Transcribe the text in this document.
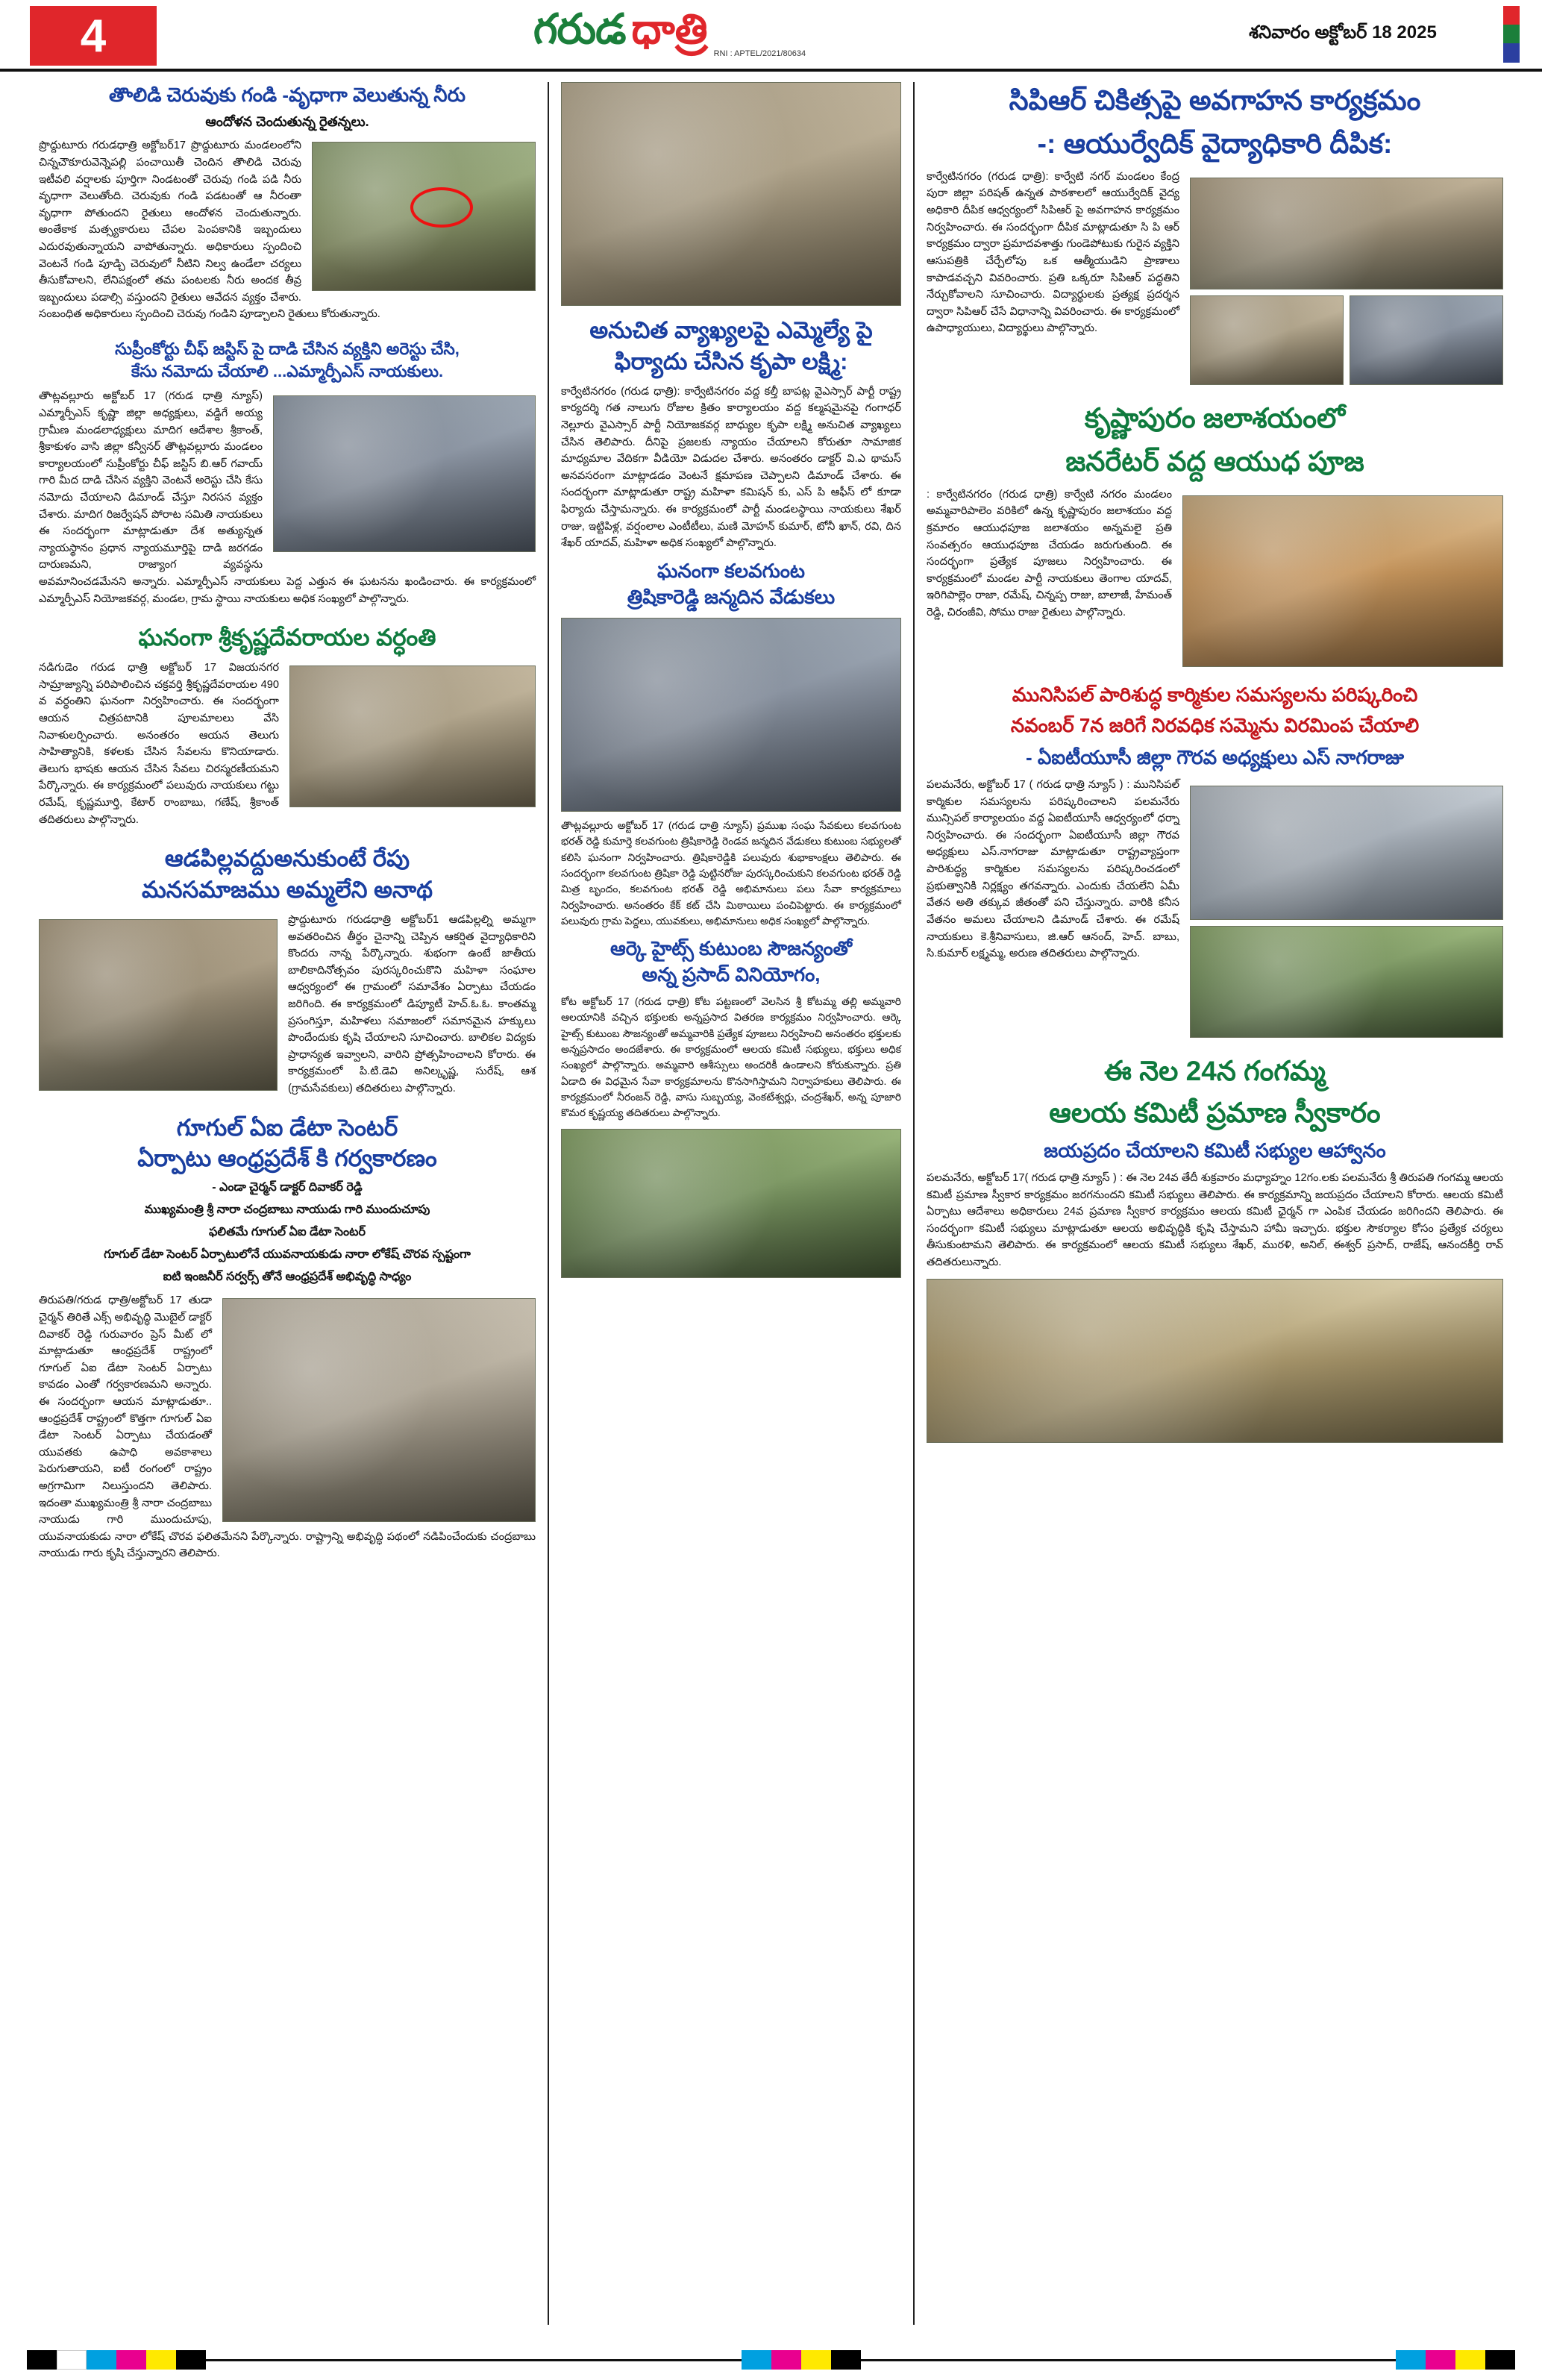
4	గరుడ ధాత్రి
RNI : APTEL/2021/80634
శనివారం అక్టోబర్ 18 2025
తొాలిడి చెరువుకు గండి -వృధాగా వెలుతున్న నీరు
ఆందోళన చెందుతున్న రైతన్నలు.
ప్రొద్దుటూరు గరుడధాత్రి అక్టోబర్17 ప్రొద్దుటూరు మండలంలోని చిన్నచౌకూరువెన్నెపల్లి పంచాయితీ చెందిన తొాలిడి చెరువు ఇటీవలి వర్షాలకు పూర్తిగా నిండటంతో చెరువు గండి పడి నీరు వృధాగా వెలుతోంది. చెరువుకు గండి పడటంతో ఆ నీరంతా వృధాగా పోతుందని రైతులు ఆందోళన చెందుతున్నారు. అంతేకాక మత్స్యకారులు చేపల పెంపకానికి ఇబ్బందులు ఎదురవుతున్నాయని వాపోతున్నారు. అధికారులు స్పందించి వెంటనే గండి పూడ్చి చెరువులో నీటిని నిల్వ ఉండేలా చర్యలు తీసుకోవాలని, లేనిపక్షంలో తమ పంటలకు నీరు అందక తీవ్ర ఇబ్బందులు పడాల్సి వస్తుందని రైతులు ఆవేదన వ్యక్తం చేశారు. సంబంధిత అధికారులు స్పందించి చెరువు గండిని పూడ్చాలని రైతులు కోరుతున్నారు.
సుప్రీంకోర్టు చీఫ్ జస్టిస్ పై దాడి చేసిన వ్యక్తిని అరెస్టు చేసి,
కేసు నమోదు చేయాలి ...ఎమ్మార్పీఎస్ నాయకులు.
తొాట్లవల్లూరు అక్టోబర్ 17 (గరుడ ధాత్రి న్యూస్) ఎమ్మార్పీఎస్ కృష్ణా జిల్లా అధ్యక్షులు, వడ్డిగే అయ్య గ్రామీణ మండలాధ్యక్షులు మాదిగ ఆదేశాల శ్రీకాంత్, శ్రీకాకుళం వాసి జిల్లా కన్వీనర్ తొాట్లవల్లూరు మండలం కార్యాలయంలో సుప్రీంకోర్టు చీఫ్ జస్టిస్ బి.ఆర్ గవాయ్ గారి మీద దాడి చేసిన వ్యక్తిని వెంటనే అరెస్టు చేసి కేసు నమోదు చేయాలని డిమాండ్ చేస్తూ నిరసన వ్యక్తం చేశారు. మాదిగ రిజర్వేషన్ పోరాట సమితి నాయకులు ఈ సందర్భంగా మాట్లాడుతూ దేశ అత్యున్నత న్యాయస్థానం ప్రధాన న్యాయమూర్తిపై దాడి జరగడం దారుణమని, రాజ్యాంగ వ్యవస్థను అవమానించడమేనని అన్నారు. ఎమ్మార్పీఎస్ నాయకులు పెద్ద ఎత్తున ఈ ఘటనను ఖండించారు. ఈ కార్యక్రమంలో ఎమ్మార్పీఎస్ నియోజకవర్గ, మండల, గ్రామ స్థాయి నాయకులు అధిక సంఖ్యలో పాల్గొన్నారు.
ఘనంగా శ్రీకృష్ణదేవరాయల వర్ధంతి
నడిగుడెం గరుడ ధాత్రి అక్టోబర్ 17 విజయనగర సామ్రాజ్యాన్ని పరిపాలించిన చక్రవర్తి శ్రీకృష్ణదేవరాయల 490 వ వర్ధంతిని ఘనంగా నిర్వహించారు. ఈ సందర్భంగా ఆయన చిత్రపటానికి పూలమాలలు వేసి నివాళులర్పించారు. అనంతరం ఆయన తెలుగు సాహిత్యానికి, కళలకు చేసిన సేవలను కొనియాడారు. తెలుగు భాషకు ఆయన చేసిన సేవలు చిరస్మరణీయమని పేర్కొన్నారు. ఈ కార్యక్రమంలో పలువురు నాయకులు గట్టు రమేష్, కృష్ణమూర్తి, కేటార్ రాంబాబు, గణేష్, శ్రీకాంత్ తదితరులు పాల్గొన్నారు.
ఆడపిల్లవద్దుఅనుకుంటే రేపు
మనసమాజము అమ్మలేని అనాథ
ప్రొద్దుటూరు గరుడధాత్రి అక్టోబర్1 ఆడపిల్లల్ని అమ్మగా అవతరించిన తీర్థం చైనాన్ని చెప్పిన ఆకర్షిత వైద్యాధికారిని కొందరు నాన్న పేర్కొన్నారు. శుభంగా ఉంటే జాతీయ బాలికాదినోత్సవం పురస్కరించుకొని మహిళా సంఘాల ఆధ్వర్యంలో ఈ గ్రామంలో సమావేశం ఏర్పాటు చేయడం జరిగింది. ఈ కార్యక్రమంలో డిప్యూటీ హెచ్.ఓ.ఓ. కాంతమ్మ ప్రసంగిస్తూ, మహిళలు సమాజంలో సమానమైన హక్కులు పొందేందుకు కృషి చేయాలని సూచించారు. బాలికల విద్యకు ప్రాధాన్యత ఇవ్వాలని, వారిని ప్రోత్సహించాలని కోరారు. ఈ కార్యక్రమంలో పి.టి.డెవి అనిల్కృష్ణ, సురేష్, ఆశ (గ్రామసేవకులు) తదితరులు పాల్గొన్నారు.
గూగుల్ ఏఐ డేటా సెంటర్
ఏర్పాటు ఆంధ్రప్రదేశ్ కి గర్వకారణం
- ఎండా చైర్మన్ డాక్టర్ దివాకర్ రెడ్డి
ముఖ్యమంత్రి శ్రీ నారా చంద్రబాబు నాయుడు గారి ముందుచూపు
ఫలితమే గూగుల్ ఏఐ డేటా సెంటర్
గూగుల్ డేటా సెంటర్ ఏర్పాటులోనే యువనాయకుడు నారా లోకేష్ చొరవ స్పష్టంగా
ఐటి ఇంజనీర్ సర్వర్స్ తోనే ఆంధ్రప్రదేశ్ అభివృద్ధి సాధ్యం
తిరుపతి/గరుడ ధాత్రి/అక్టోబర్ 17 తుడా చైర్మన్ తిరితే ఎక్స్ అభివృద్ధి మొబైల్ డాక్టర్ దివాకర్ రెడ్డి గురువారం ప్రెస్ మీట్ లో మాట్లాడుతూ ఆంధ్రప్రదేశ్ రాష్ట్రంలో గూగుల్ ఏఐ డేటా సెంటర్ ఏర్పాటు కావడం ఎంతో గర్వకారణమని అన్నారు. ఈ సందర్భంగా ఆయన మాట్లాడుతూ.. ఆంధ్రప్రదేశ్ రాష్ట్రంలో కొత్తగా గూగుల్ ఏఐ డేటా సెంటర్ ఏర్పాటు చేయడంతో యువతకు ఉపాధి అవకాశాలు పెరుగుతాయని, ఐటీ రంగంలో రాష్ట్రం అగ్రగామిగా నిలుస్తుందని తెలిపారు. ఇదంతా ముఖ్యమంత్రి శ్రీ నారా చంద్రబాబు నాయుడు గారి ముందుచూపు, యువనాయకుడు నారా లోకేష్ చొరవ ఫలితమేనని పేర్కొన్నారు. రాష్ట్రాన్ని అభివృద్ధి పథంలో నడిపించేందుకు చంద్రబాబు నాయుడు గారు కృషి చేస్తున్నారని తెలిపారు.
అనుచిత వ్యాఖ్యలపై ఎమ్మెల్యే పై
ఫిర్యాదు చేసిన కృపా లక్ష్మి:
కార్వేటినగరం (గరుడ ధాత్రి): కార్వేటినగరం వద్ద కల్తీ బాపట్ల వైఎస్సార్ పార్టీ రాష్ట్ర కార్యదర్శి గత నాలుగు రోజుల క్రితం కార్యాలయం వద్ద కల్మషమైనపై గంగాధర్ నెల్లూరు వైఎస్సార్ పార్టీ నియోజకవర్గ బాధ్యుల కృపా లక్ష్మి అనుచిత వ్యాఖ్యలు చేసిన తెలిపారు. దీనిపై ప్రజలకు న్యాయం చేయాలని కోరుతూ సామాజిక మాధ్యమాల వేదికగా వీడియో విడుదల చేశారు. అనంతరం డాక్టర్ వి.ఎ థామస్ అనవసరంగా మాట్లాడడం వెంటనే క్షమాపణ చెప్పాలని డిమాండ్ చేశారు. ఈ సందర్భంగా మాట్లాడుతూ రాష్ట్ర మహిళా కమిషన్ కు, ఎస్ పి ఆఫీస్ లో కూడా ఫిర్యాదు చేస్తామన్నారు. ఈ కార్యక్రమంలో పార్టీ మండలస్థాయి నాయకులు శేఖర్ రాజు, ఇట్టిపిళ్ల, వర్షంలాల ఎంటీటీలు, మణి మోహన్ కుమార్, టోనీ ఖాన్, రవి, దిన శేఖర్ యాదవ్, మహిళా అధిక సంఖ్యలో పాల్గొన్నారు.
ఘనంగా కలవగుంట
త్రిషికారెడ్డి జన్మదిన వేడుకలు
తొాట్లవల్లూరు అక్టోబర్ 17 (గరుడ ధాత్రి న్యూస్) ప్రముఖ సంఘ సేవకులు కలవగుంట భరత్ రెడ్డి కుమార్తె కలవగుంట త్రిషికారెడ్డి రెండవ జన్మదిన వేడుకలు కుటుంబ సభ్యులతో కలిసి ఘనంగా నిర్వహించారు. త్రిషికారెడ్డికి పలువురు శుభాకాంక్షలు తెలిపారు. ఈ సందర్భంగా కలవగుంట త్రిషికా రెడ్డి పుట్టినరోజు పురస్కరించుకుని కలవగుంట భరత్ రెడ్డి మిత్ర బృందం, కలవగుంట భరత్ రెడ్డి అభిమానులు పలు సేవా కార్యక్రమాలు నిర్వహించారు. అనంతరం కేక్ కట్ చేసి మిఠాయిలు పంచిపెట్టారు. ఈ కార్యక్రమంలో పలువురు గ్రామ పెద్దలు, యువకులు, అభిమానులు అధిక సంఖ్యలో పాల్గొన్నారు.
ఆర్కె హైట్స్ కుటుంబ సౌజన్యంతో
అన్న ప్రసాద్ వినియోగం,
కోట అక్టోబర్ 17 (గరుడ ధాత్రి) కోట పట్టణంలో వెలసిన శ్రీ కోటమ్మ తల్లి అమ్మవారి ఆలయానికి వచ్చిన భక్తులకు అన్నప్రసాద వితరణ కార్యక్రమం నిర్వహించారు. ఆర్కె హైట్స్ కుటుంబ సౌజన్యంతో అమ్మవారికి ప్రత్యేక పూజలు నిర్వహించి అనంతరం భక్తులకు అన్నప్రసాదం అందజేశారు. ఈ కార్యక్రమంలో ఆలయ కమిటీ సభ్యులు, భక్తులు అధిక సంఖ్యలో పాల్గొన్నారు. అమ్మవారి ఆశీస్సులు అందరికీ ఉండాలని కోరుకున్నారు. ప్రతి ఏడాది ఈ విధమైన సేవా కార్యక్రమాలను కొనసాగిస్తామని నిర్వాహకులు తెలిపారు. ఈ కార్యక్రమంలో నీరంజన్ రెడ్డి, వాసు సుబ్బయ్య, వెంకటేశ్వర్లు, చంద్రశేఖర్, అన్న పూజారి కొమర కృష్ణయ్య తదితరులు పాల్గొన్నారు.
సిపిఆర్ చికిత్సపై అవగాహన కార్యక్రమం
-: ఆయుర్వేదిక్ వైద్యాధికారి దీపిక:
కార్వేటినగరం (గరుడ ధాత్రి): కార్వేటి నగర్ మండలం కేంద్ర పురా జిల్లా పరిషత్ ఉన్నత పాఠశాలలో ఆయుర్వేదిక్ వైద్య అధికారి దీపిక ఆధ్వర్యంలో సిపిఆర్ పై అవగాహన కార్యక్రమం నిర్వహించారు. ఈ సందర్భంగా దీపిక మాట్లాడుతూ సి పి ఆర్ కార్యక్రమం ద్వారా ప్రమాదవశాత్తు గుండెపోటుకు గురైన వ్యక్తిని ఆసుపత్రికి చేర్చేలోపు ఒక ఆత్మీయుడిని ప్రాణాలు కాపాడవచ్చని వివరించారు. ప్రతి ఒక్కరూ సిపిఆర్ పద్ధతిని నేర్చుకోవాలని సూచించారు. విద్యార్థులకు ప్రత్యక్ష ప్రదర్శన ద్వారా సిపిఆర్ చేసే విధానాన్ని వివరించారు. ఈ కార్యక్రమంలో ఉపాధ్యాయులు, విద్యార్థులు పాల్గొన్నారు.
కృష్ణాపురం జలాశయంలో
జనరేటర్ వద్ద ఆయుధ పూజ
: కార్వేటినగరం (గరుడ ధాత్రి) కార్వేటి నగరం మండలం అమ్మవారిపాలెం వరికిలో ఉన్న కృష్ణాపురం జలాశయం వద్ద క్రమారం ఆయుధపూజ జలాశయం అన్నమలై ప్రతి సంవత్సరం ఆయుధపూజ చేయడం జరుగుతుంది. ఈ సందర్భంగా ప్రత్యేక పూజలు నిర్వహించారు. ఈ కార్యక్రమంలో మండల పార్టీ నాయకులు తెంగాల యాదవ్, ఇరిగిపాల్లెం రాజా, రమేష్, చిన్నప్ప రాజు, బాలాజీ, హేమంత్ రెడ్డి, చిరంజీవి, సోము రాజు రైతులు పాల్గొన్నారు.
మునిసిపల్ పారిశుద్ధ కార్మికుల సమస్యలను పరిష్కరించి
నవంబర్ 7న జరిగే నిరవధిక సమ్మెను విరమింప చేయాలి
- ఏఐటీయూసీ జిల్లా గౌరవ అధ్యక్షులు ఎస్ నాగరాజు
పలమనేరు, అక్టోబర్ 17 ( గరుడ ధాత్రి న్యూస్ ) : మునిసిపల్ కార్మికుల సమస్యలను పరిష్కరించాలని పలమనేరు మున్సిపల్ కార్యాలయం వద్ద ఏఐటీయూసీ ఆధ్వర్యంలో ధర్నా నిర్వహించారు. ఈ సందర్భంగా ఏఐటీయూసీ జిల్లా గౌరవ అధ్యక్షులు ఎస్.నాగరాజు మాట్లాడుతూ రాష్ట్రవ్యాప్తంగా పారిశుద్ధ్య కార్మికుల సమస్యలను పరిష్కరించడంలో ప్రభుత్వానికి నిర్లక్ష్యం తగవన్నారు. ఎందుకు చేయలేని ఏమీ వేతన అతి తక్కువ జీతంతో పని చేస్తున్నారు. వారికి కనీస వేతనం అమలు చేయాలని డిమాండ్ చేశారు. ఈ రమేష్ నాయకులు కె.శ్రీనివాసులు, జి.ఆర్ ఆనంద్, హెచ్. బాబు, సి.కుమార్ లక్ష్మమ్మ, అరుణ తదితరులు పాల్గొన్నారు.
ఈ నెల 24న గంగమ్మ
ఆలయ కమిటీ ప్రమాణ స్వీకారం
జయప్రదం చేయాలని కమిటీ సభ్యుల ఆహ్వానం
పలమనేరు, అక్టోబర్ 17( గరుడ ధాత్రి న్యూస్ ) : ఈ నెల 24వ తేదీ శుక్రవారం మధ్యాహ్నం 12గం.లకు పలమనేరు శ్రీ తిరుపతి గంగమ్మ ఆలయ కమిటీ ప్రమాణ స్వీకార కార్యక్రమం జరగనుందని కమిటీ సభ్యులు తెలిపారు. ఈ కార్యక్రమాన్ని జయప్రదం చేయాలని కోరారు. ఆలయ కమిటీ ఏర్పాటు ఆదేశాలు అధికారులు 24వ ప్రమాణ స్వీకార కార్యక్రమం ఆలయ కమిటీ ఛైర్మన్ గా ఎంపిక చేయడం జరిగిందని తెలిపారు. ఈ సందర్భంగా కమిటీ సభ్యులు మాట్లాడుతూ ఆలయ అభివృద్ధికి కృషి చేస్తామని హామీ ఇచ్చారు. భక్తుల సౌకర్యాల కోసం ప్రత్యేక చర్యలు తీసుకుంటామని తెలిపారు. ఈ కార్యక్రమంలో ఆలయ కమిటీ సభ్యులు శేఖర్, మురళి, అనిల్, ఈశ్వర్ ప్రసాద్, రాజేష్, ఆనందకీర్తి రావ్ తదితరులున్నారు.
